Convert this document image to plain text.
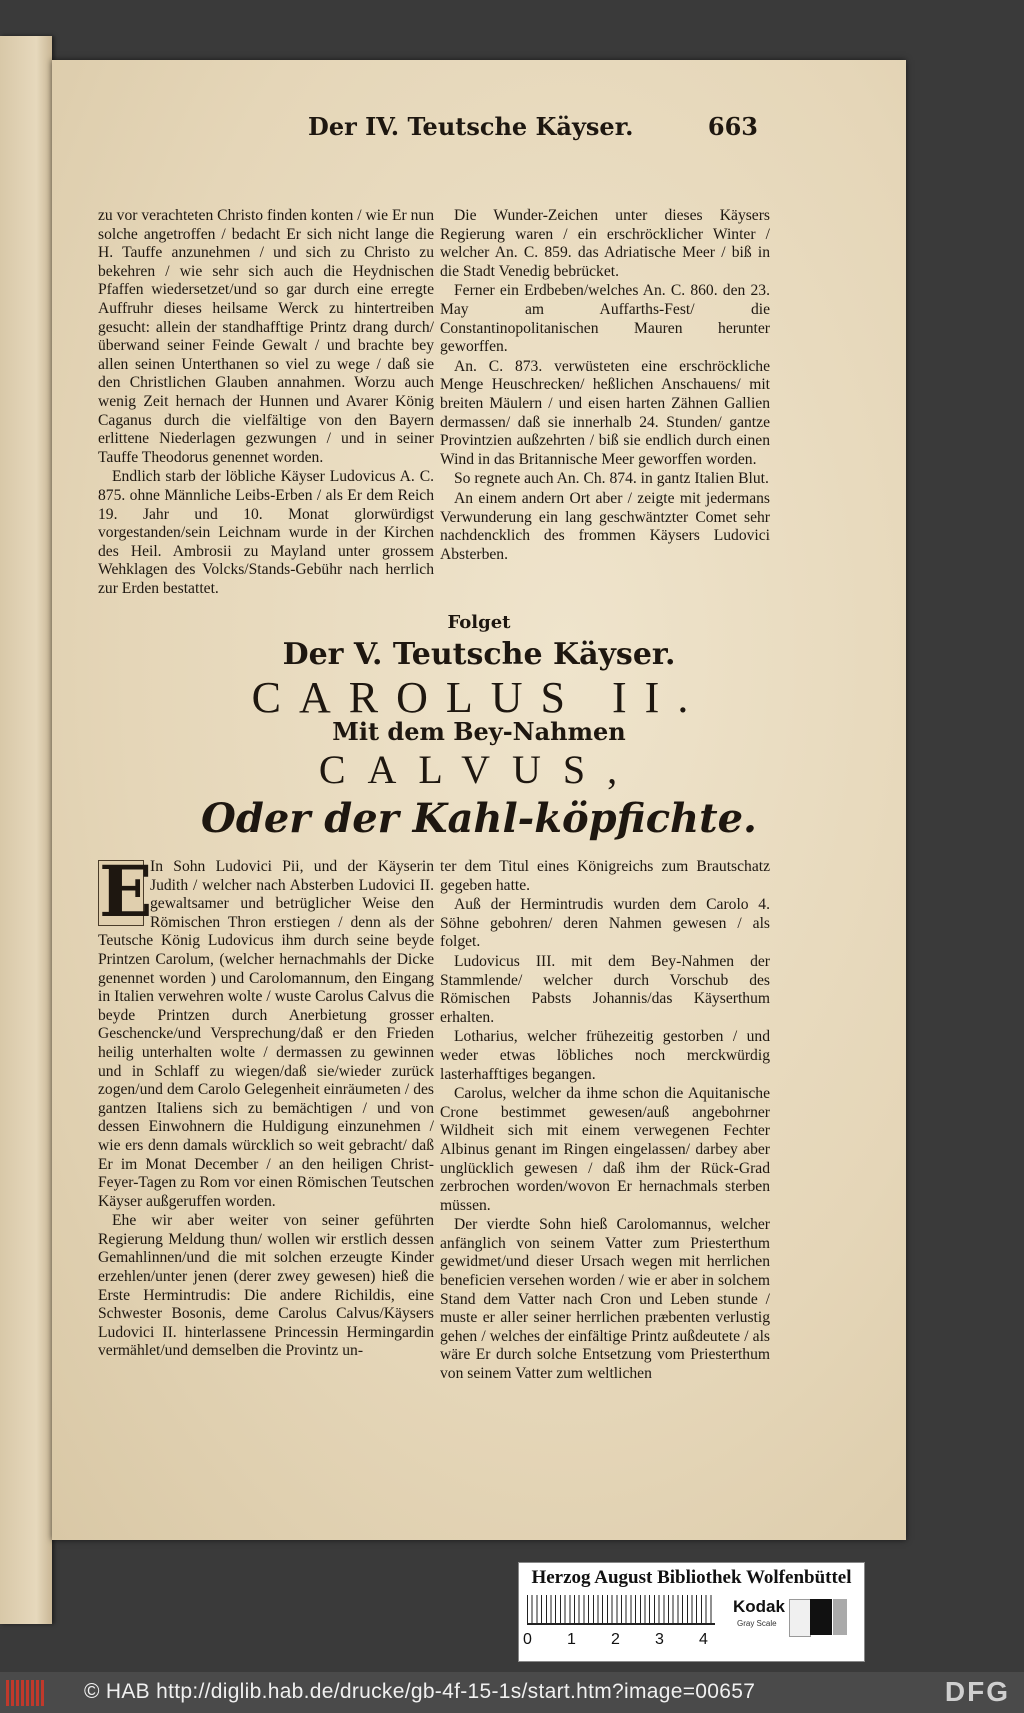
Der IV. Teutsche Käyser.	663

zu vor verachteten Christo finden konten / wie Er nun solche angetroffen / bedacht Er sich nicht lange die H. Tauffe anzunehmen / und sich zu Christo zu bekehren / wie sehr sich auch die Heydnischen Pfaffen wiedersetzet/und so gar durch eine erregte Auffruhr dieses heilsame Werck zu hintertreiben gesucht: allein der standhafftige Printz drang durch/überwand seiner Feinde Gewalt / und brachte bey allen seinen Unterthanen so viel zu wege / daß sie den Christlichen Glauben annahmen. Worzu auch wenig Zeit hernach der Hunnen und Avarer König Caganus durch die vielfältige von den Bayern erlittene Niederlagen gezwungen / und in seiner Tauffe Theodorus genennet worden.

Endlich starb der löbliche Käyser Ludovicus A. C. 875. ohne Männliche Leibs-Erben / als Er dem Reich 19. Jahr und 10. Monat glorwürdigst vorgestanden/sein Leichnam wurde in der Kirchen des Heil. Ambrosii zu Mayland unter grossem Wehklagen des Volcks/Stands-Gebühr nach herrlich zur Erden bestattet.

Die Wunder-Zeichen unter dieses Käysers Regierung waren / ein erschröcklicher Winter / welcher An. C. 859. das Adriatische Meer / biß in die Stadt Venedig bebrücket.

Ferner ein Erdbeben/welches An. C. 860. den 23. May am Auffarths-Fest/ die Constantinopolitanischen Mauren herunter geworffen.

An. C. 873. verwüsteten eine erschröckliche Menge Heuschrecken/ heßlichen Anschauens/ mit breiten Mäulern / und eisen harten Zähnen Gallien dermassen/ daß sie innerhalb 24. Stunden/ gantze Provintzien außzehrten / biß sie endlich durch einen Wind in das Britannische Meer geworffen worden.

So regnete auch An. Ch. 874. in gantz Italien Blut.

An einem andern Ort aber / zeigte mit jedermans Verwunderung ein lang geschwäntzter Comet sehr nachdencklich des frommen Käysers Ludovici Absterben.

Folget
Der V. Teutsche Käyser.
CAROLUS II.
Mit dem Bey-Nahmen
CALVUS,
Oder der Kahl-köpfichte.

E
In Sohn Ludovici Pii, und der Käyserin Judith / welcher nach Absterben Ludovici II. gewaltsamer und betrüglicher Weise den Römischen Thron erstiegen / denn als der Teutsche König Ludovicus ihm durch seine beyde Printzen Carolum, (welcher hernachmahls der Dicke genennet worden ) und Carolomannum, den Eingang in Italien verwehren wolte / wuste Carolus Calvus die beyde Printzen durch Anerbietung grosser Geschencke/und Versprechung/daß er den Frieden heilig unterhalten wolte / dermassen zu gewinnen und in Schlaff zu wiegen/daß sie/wieder zurück zogen/und dem Carolo Gelegenheit einräumeten / des gantzen Italiens sich zu bemächtigen / und von dessen Einwohnern die Huldigung einzunehmen / wie ers denn damals würcklich so weit gebracht/ daß Er im Monat December / an den heiligen Christ-Feyer-Tagen zu Rom vor einen Römischen Teutschen Käyser außgeruffen worden.

Ehe wir aber weiter von seiner geführten Regierung Meldung thun/ wollen wir erstlich dessen Gemahlinnen/und die mit solchen erzeugte Kinder erzehlen/unter jenen (derer zwey gewesen) hieß die Erste Hermintrudis: Die andere Richildis, eine Schwester Bosonis, deme Carolus Calvus/Käysers Ludovici II. hinterlassene Princessin Hermingardin vermählet/und demselben die Provintz un-

ter dem Titul eines Königreichs zum Brautschatz gegeben hatte.

Auß der Hermintrudis wurden dem Carolo 4. Söhne gebohren/ deren Nahmen gewesen / als folget.

Ludovicus III. mit dem Bey-Nahmen der Stammlende/ welcher durch Vorschub des Römischen Pabsts Johannis/das Käyserthum erhalten.

Lotharius, welcher frühezeitig gestorben / und weder etwas löbliches noch merckwürdig lasterhafftiges begangen.

Carolus, welcher da ihme schon die Aquitanische Crone bestimmet gewesen/auß angebohrner Wildheit sich mit einem verwegenen Fechter Albinus genant im Ringen eingelassen/ darbey aber unglücklich gewesen / daß ihm der Rück-Grad zerbrochen worden/wovon Er hernachmals sterben müssen.

Der vierdte Sohn hieß Carolomannus, welcher anfänglich von seinem Vatter zum Priesterthum gewidmet/und dieser Ursach wegen mit herrlichen beneficien versehen worden / wie er aber in solchem Stand dem Vatter nach Cron und Leben stunde / muste er aller seiner herrlichen præbenten verlustig gehen / welches der einfältige Printz außdeutete / als wäre Er durch solche Entsetzung vom Priesterthum von seinem Vatter zum weltlichen

Herzog August Bibliothek Wolfenbüttel
0 1 2 3 4
Kodak
Gray Scale
© HAB http://diglib.hab.de/drucke/gb-4f-15-1s/start.htm?image=00657	DFG
